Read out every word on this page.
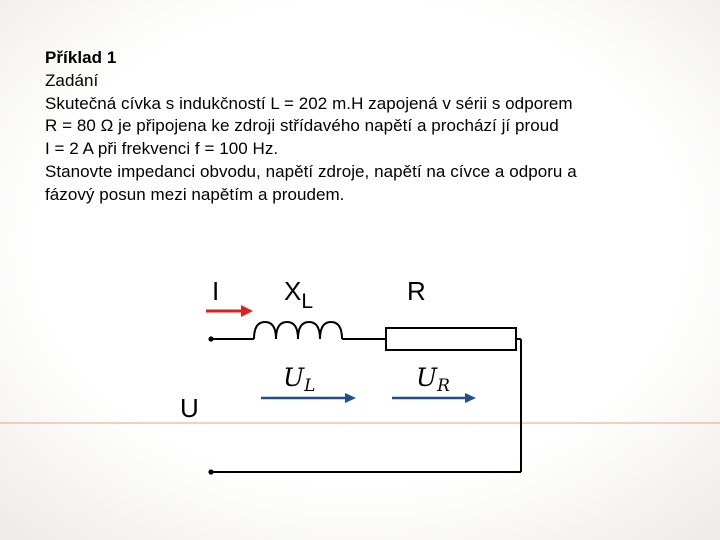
Příklad 1
Zadání
Skutečná cívka s indukčností L = 202 m.H zapojená v sérii s odporem
R = 80 Ω je připojena ke zdroji střídavého napětí a prochází jí proud
I = 2 A při frekvenci f = 100 Hz.
Stanovte impedanci obvodu, napětí zdroje, napětí na cívce a odporu a
fázový posun mezi napětím a proudem.
I $X_L$	R
U
$U_L$	$U_R$
